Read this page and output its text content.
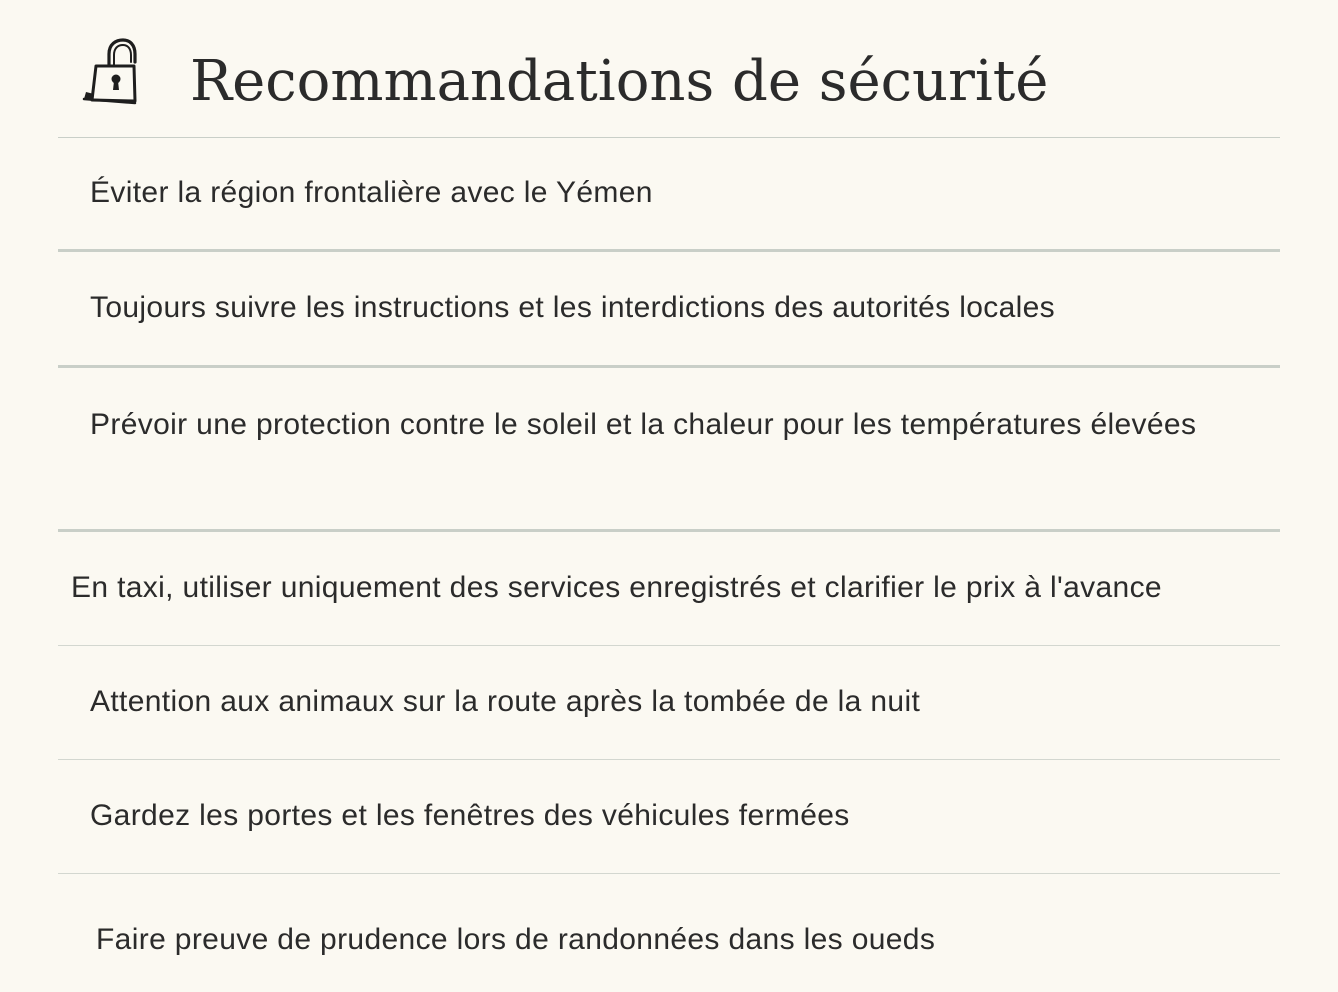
Recommandations de sécurité
Éviter la région frontalière avec le Yémen
Toujours suivre les instructions et les interdictions des autorités locales
Prévoir une protection contre le soleil et la chaleur pour les températures élevées
En taxi, utiliser uniquement des services enregistrés et clarifier le prix à l'avance
Attention aux animaux sur la route après la tombée de la nuit
Gardez les portes et les fenêtres des véhicules fermées
Faire preuve de prudence lors de randonnées dans les oueds
